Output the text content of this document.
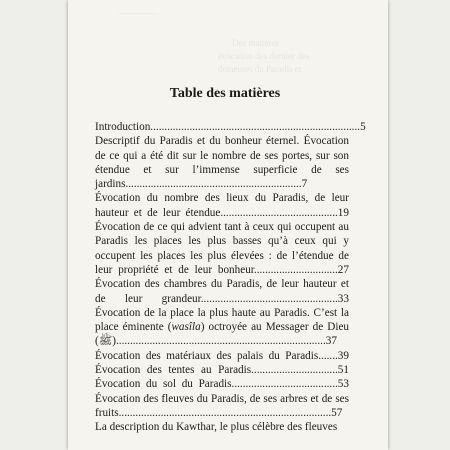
—————
Des matières
évocation des dernier des
demeures du Paradis et
Table des matières
Introduction...........................................................................5
Descriptif du Paradis et du bonheur éternel. Évocation de ce qui a été dit sur le nombre de ses portes, sur son étendue et sur l’immense superficie de ses jardins...............................................................7
Évocation du nombre des lieux du Paradis, de leur hauteur et de leur étendue..........................................19
Évocation de ce qui advient tant à ceux qui occupent au Paradis les places les plus basses qu’à ceux qui y occupent les places les plus élevées : de l’étendue de leur propriété et de leur bonheur..............................27
Évocation des chambres du Paradis, de leur hauteur et de leur grandeur.................................................33
Évocation de la place la plus haute au Paradis. C’est la place éminente (wasîla) octroyée au Messager de Dieu (ﷺ)...........................................................................37
Évocation des matériaux des palais du Paradis.......39
Évocation des tentes au Paradis...............................51
Évocation du sol du Paradis......................................53
Évocation des fleuves du Paradis, de ses arbres et de ses fruits............................................................................57
La description du Kawthar, le plus célèbre des fleuves
